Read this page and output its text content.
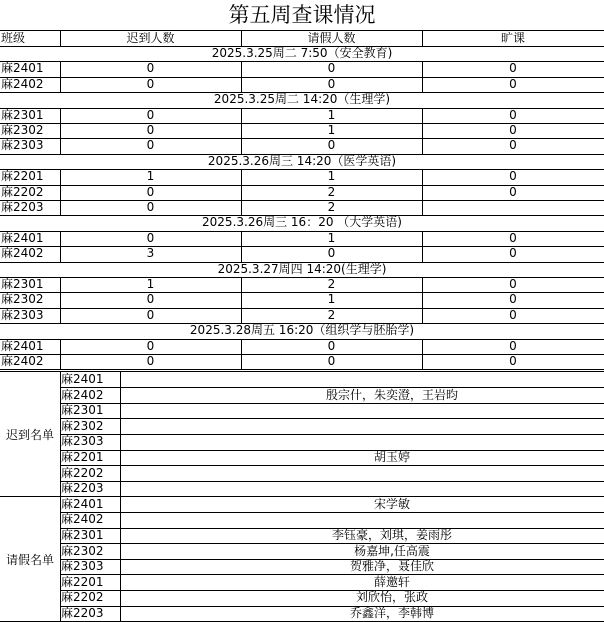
第五周查课情况
班级	迟到人数	请假人数	旷课
2025.3.25周二 7:50（安全教育)
麻2401	0	0	0
麻2402	0	0	0
2025.3.25周二 14:20（生理学)
麻2301	0	1	0
麻2302	0	1	0
麻2303	0	0	0
2025.3.26周三 14:20（医学英语)
麻2201	1	1	0
麻2202	0	2	0
麻2203	0	2
2025.3.26周三 16：20 （大学英语)
麻2401	0	1	0
麻2402	3	0	0
2025.3.27周四 14:20(生理学)
麻2301	1	2	0
麻2302	0	1	0
麻2303	0	2	0
2025.3.28周五 16:20（组织学与胚胎学)
麻2401	0	0	0
麻2402	0	0	0
麻2401
麻2402	殷宗什，朱奕澄，王岩昀
麻2301
麻2302
麻2303
麻2201	胡玉婷
麻2202
麻2203
迟到名单
麻2401	宋学敏
麻2402
麻2301	李钰豪，刘琪，姜雨彤
麻2302	杨嘉坤,任高震
麻2303	贺雅净，聂佳欣
麻2201	薛邀轩
麻2202	刘欣怡，张政
麻2203	乔鑫洋，李韩博
请假名单
